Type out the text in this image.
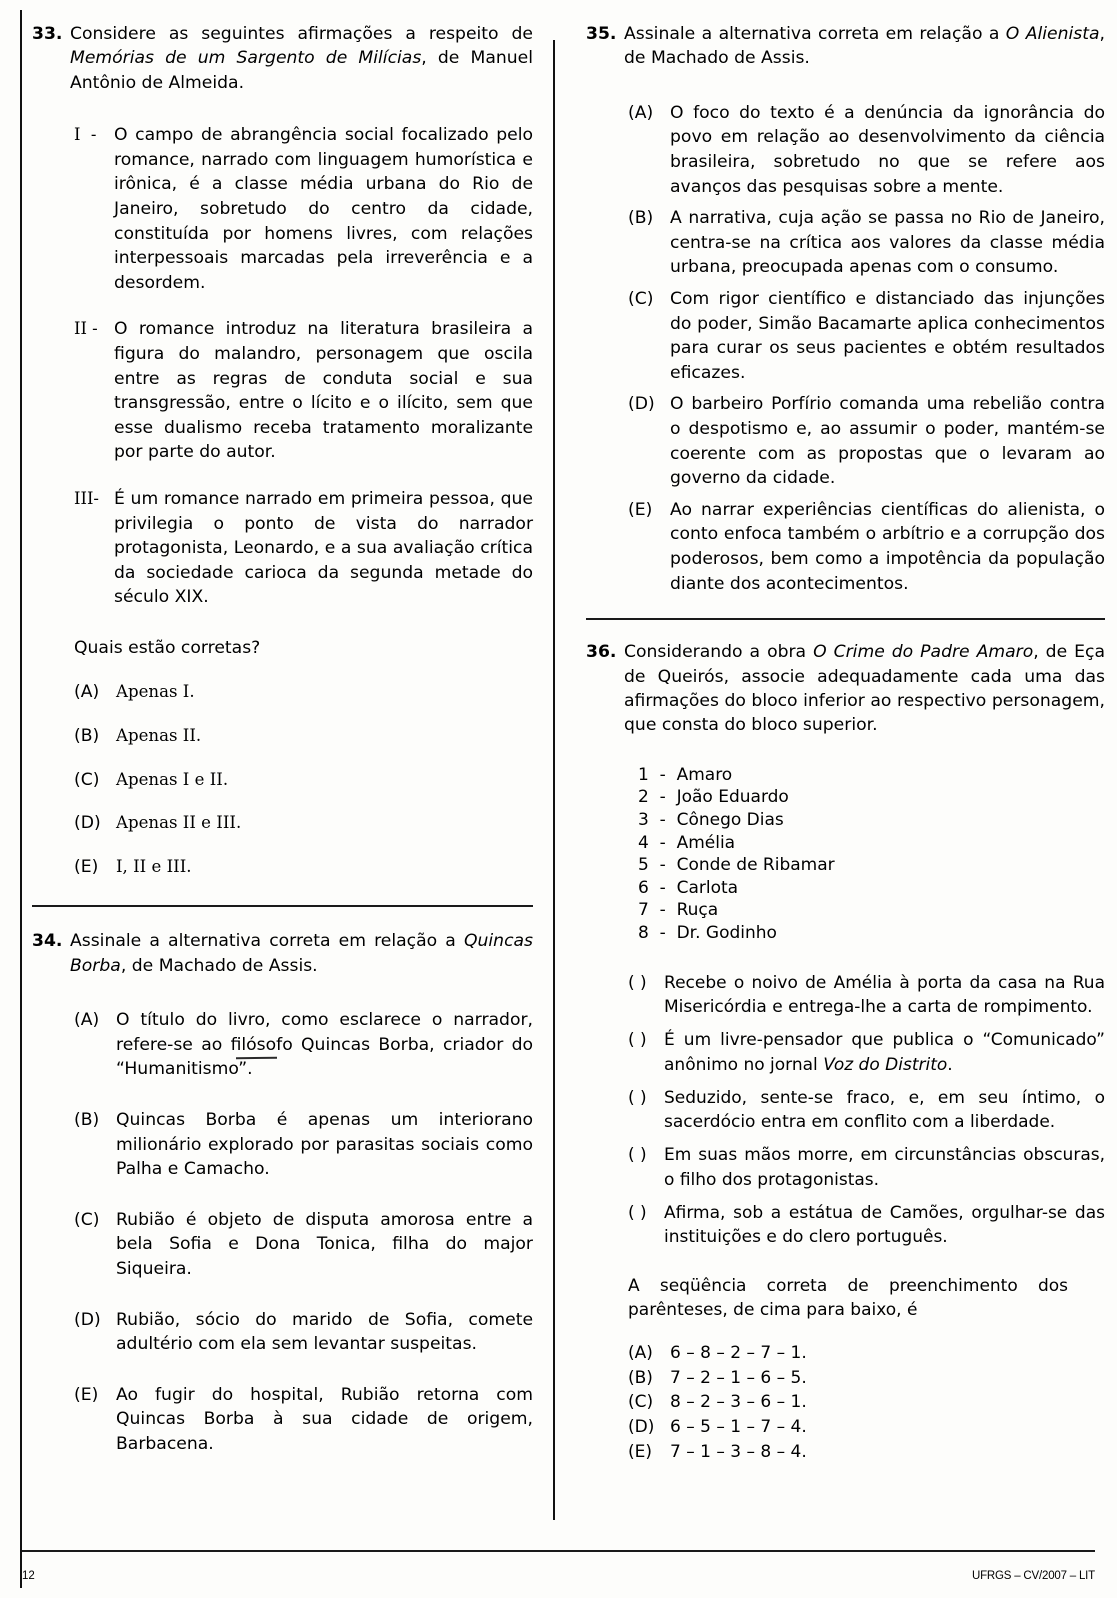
33. Considere as seguintes afirmações a respeito de Memórias de um Sargento de Milícias, de Manuel Antônio de Almeida.
I  -	O campo de abrangência social focalizado pelo romance, narrado com linguagem humorística e irônica, é a classe média urbana do Rio de Janeiro, sobretudo do centro da cidade, constituída por homens livres, com relações interpessoais marcadas pela irreverência e a desordem.
II - O romance introduz na literatura brasileira a figura do malandro, personagem que oscila entre as regras de conduta social e sua transgressão, entre o lícito e o ilícito, sem que esse dualismo receba tratamento moralizante por parte do autor.
III- É um romance narrado em primeira pessoa, que privilegia o ponto de vista do narrador protagonista, Leonardo, e a sua avaliação crítica da sociedade carioca da segunda metade do século XIX.
Quais estão corretas?
(A)	Apenas I.
(B)	Apenas II.
(C) Apenas I e II.
(D) Apenas II e III.
(E)	I, II e III.
34. Assinale a alternativa correta em relação a Quincas Borba, de Machado de Assis.
(A) O título do livro, como esclarece o narrador, refere-se ao filósofo Quincas Borba, criador do “Humanitismo”.
(B) Quincas Borba é apenas um interiorano milionário explorado por parasitas sociais como Palha e Camacho.
(C) Rubião é objeto de disputa amorosa entre a bela Sofia e Dona Tonica, filha do major Siqueira.
(D) Rubião, sócio do marido de Sofia, comete adultério com ela sem levantar suspeitas.
(E)	Ao fugir do hospital, Rubião retorna com Quincas Borba à sua cidade de origem, Barbacena.
35. Assinale a alternativa correta em relação a O Alienista, de Machado de Assis.
(A) O foco do texto é a denúncia da ignorância do povo em relação ao desenvolvimento da ciência brasileira, sobretudo no que se refere aos avanços das pesquisas sobre a mente.
(B) A narrativa, cuja ação se passa no Rio de Janeiro, centra-se na crítica aos valores da classe média urbana, preocupada apenas com o consumo.
(C) Com rigor científico e distanciado das injunções do poder, Simão Bacamarte aplica conhecimentos para curar os seus pacientes e obtém resultados eficazes.
(D) O barbeiro Porfírio comanda uma rebelião contra o despotismo e, ao assumir o poder, mantém-se coerente com as propostas que o levaram ao governo da cidade.
(E)	Ao narrar experiências científicas do alienista, o conto enfoca também o arbítrio e a corrupção dos poderosos, bem como a impotência da população diante dos acontecimentos.
36. Considerando a obra O Crime do Padre Amaro, de Eça de Queirós, associe adequadamente cada uma das afirmações do bloco inferior ao respectivo personagem, que consta do bloco superior.
1  -  Amaro
2  -  João Eduardo
3  -  Cônego Dias
4  -  Amélia
5  -  Conde de Ribamar
6  -  Carlota
7  -  Ruça
8  -  Dr. Godinho
( )	Recebe o noivo de Amélia à porta da casa na Rua Misericórdia e entrega-lhe a carta de rompimento.
( )	É um livre-pensador que publica o “Comunicado” anônimo no jornal Voz do Distrito.
( )	Seduzido, sente-se fraco, e, em seu íntimo, o sacerdócio entra em conflito com a liberdade.
( )	Em suas mãos morre, em circunstâncias obscuras, o filho dos protagonistas.
( )	Afirma, sob a estátua de Camões, orgulhar-se das instituições e do clero português.
A seqüência correta de preenchimento dos parênteses, de cima para baixo, é
(A)	6 – 8 – 2 – 7 – 1.
(B)	7 – 2 – 1 – 6 – 5.
(C) 8 – 2 – 3 – 6 – 1.
(D) 6 – 5 – 1 – 7 – 4.
(E)	7 – 1 – 3 – 8 – 4.
12	UFRGS – CV/2007 – LIT
